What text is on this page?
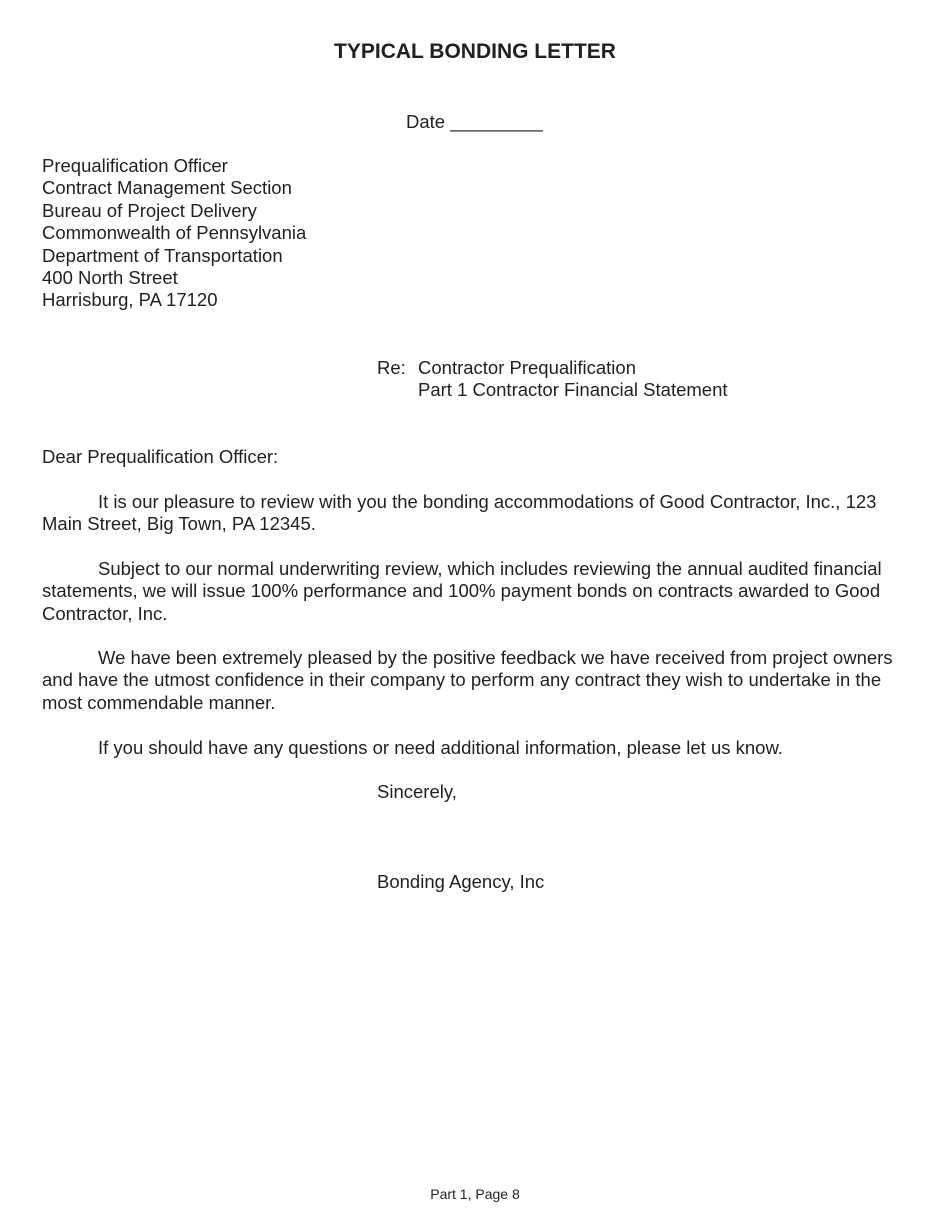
TYPICAL BONDING LETTER
Date _________
Prequalification Officer
Contract Management Section
Bureau of Project Delivery
Commonwealth of Pennsylvania
Department of Transportation
400 North Street
Harrisburg, PA 17120
Re: Contractor Prequalification
Part 1 Contractor Financial Statement
Dear Prequalification Officer:

It is our pleasure to review with you the bonding accommodations of Good Contractor, Inc., 123 Main Street, Big Town, PA 12345.

Subject to our normal underwriting review, which includes reviewing the annual audited financial statements, we will issue 100% performance and 100% payment bonds on contracts awarded to Good Contractor, Inc.

We have been extremely pleased by the positive feedback we have received from project owners and have the utmost confidence in their company to perform any contract they wish to undertake in the most commendable manner.

If you should have any questions or need additional information, please let us know.

Sincerely,
Bonding Agency, Inc
Part 1, Page 8
